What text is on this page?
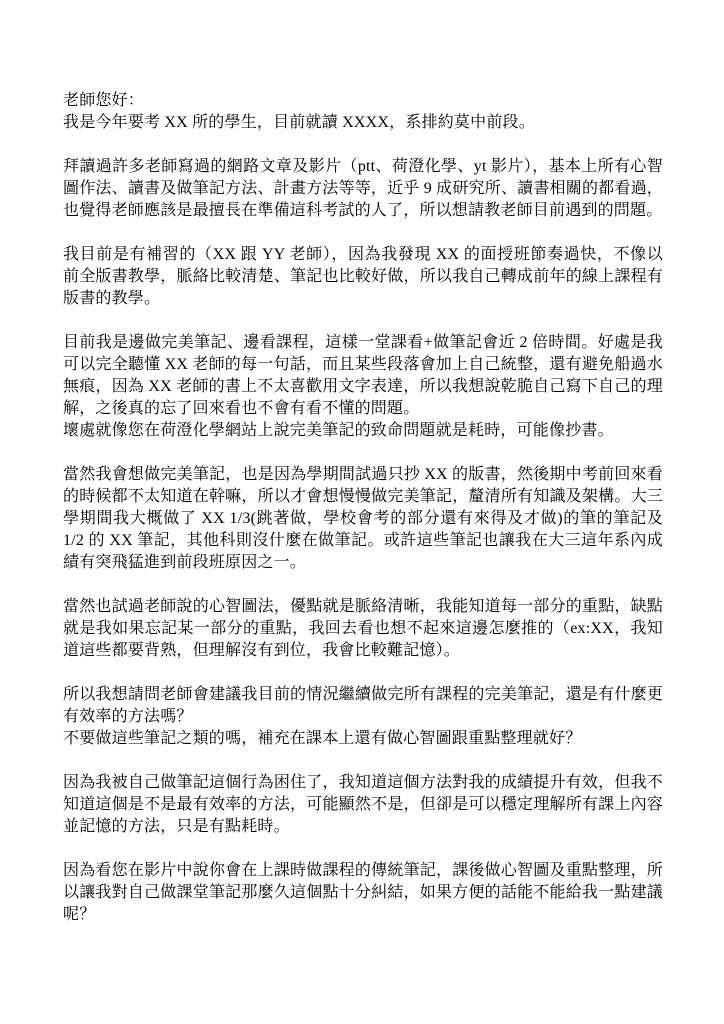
老師您好：
我是今年要考 XX 所的學生，目前就讀 XXXX，系排約莫中前段。

拜讀過許多老師寫過的網路文章及影片（ptt、荷澄化學、yt 影片），基本上所有心智圖作法、讀書及做筆記方法、計畫方法等等，近乎 9 成研究所、讀書相關的都看過，也覺得老師應該是最擅長在準備這科考試的人了，所以想請教老師目前遇到的問題。

我目前是有補習的（XX 跟 YY 老師），因為我發現 XX 的面授班節奏過快，不像以前全版書教學，脈絡比較清楚、筆記也比較好做，所以我自己轉成前年的線上課程有版書的教學。

目前我是邊做完美筆記、邊看課程，這樣一堂課看+做筆記會近 2 倍時間。好處是我可以完全聽懂 XX 老師的每一句話，而且某些段落會加上自己統整，還有避免船過水無痕，因為 XX 老師的書上不太喜歡用文字表達，所以我想說乾脆自己寫下自己的理解，之後真的忘了回來看也不會有看不懂的問題。
壞處就像您在荷澄化學網站上說完美筆記的致命問題就是耗時，可能像抄書。

當然我會想做完美筆記，也是因為學期間試過只抄 XX 的版書，然後期中考前回來看的時候都不太知道在幹嘛，所以才會想慢慢做完美筆記，釐清所有知識及架構。大三學期間我大概做了 XX 1/3(跳著做，學校會考的部分還有來得及才做)的筆的筆記及 1/2 的 XX 筆記，其他科則沒什麼在做筆記。或許這些筆記也讓我在大三這年系內成績有突飛猛進到前段班原因之一。

當然也試過老師說的心智圖法，優點就是脈絡清晰，我能知道每一部分的重點，缺點就是我如果忘記某一部分的重點，我回去看也想不起來這邊怎麼推的（ex:XX，我知道這些都要背熟，但理解沒有到位，我會比較難記憶）。

所以我想請問老師會建議我目前的情況繼續做完所有課程的完美筆記，還是有什麼更有效率的方法嗎？
不要做這些筆記之類的嗎，補充在課本上還有做心智圖跟重點整理就好？

因為我被自己做筆記這個行為困住了，我知道這個方法對我的成績提升有效，但我不知道這個是不是最有效率的方法，可能顯然不是，但卻是可以穩定理解所有課上內容並記憶的方法，只是有點耗時。

因為看您在影片中說你會在上課時做課程的傳統筆記，課後做心智圖及重點整理，所以讓我對自己做課堂筆記那麼久這個點十分糾結，如果方便的話能不能給我一點建議呢？
